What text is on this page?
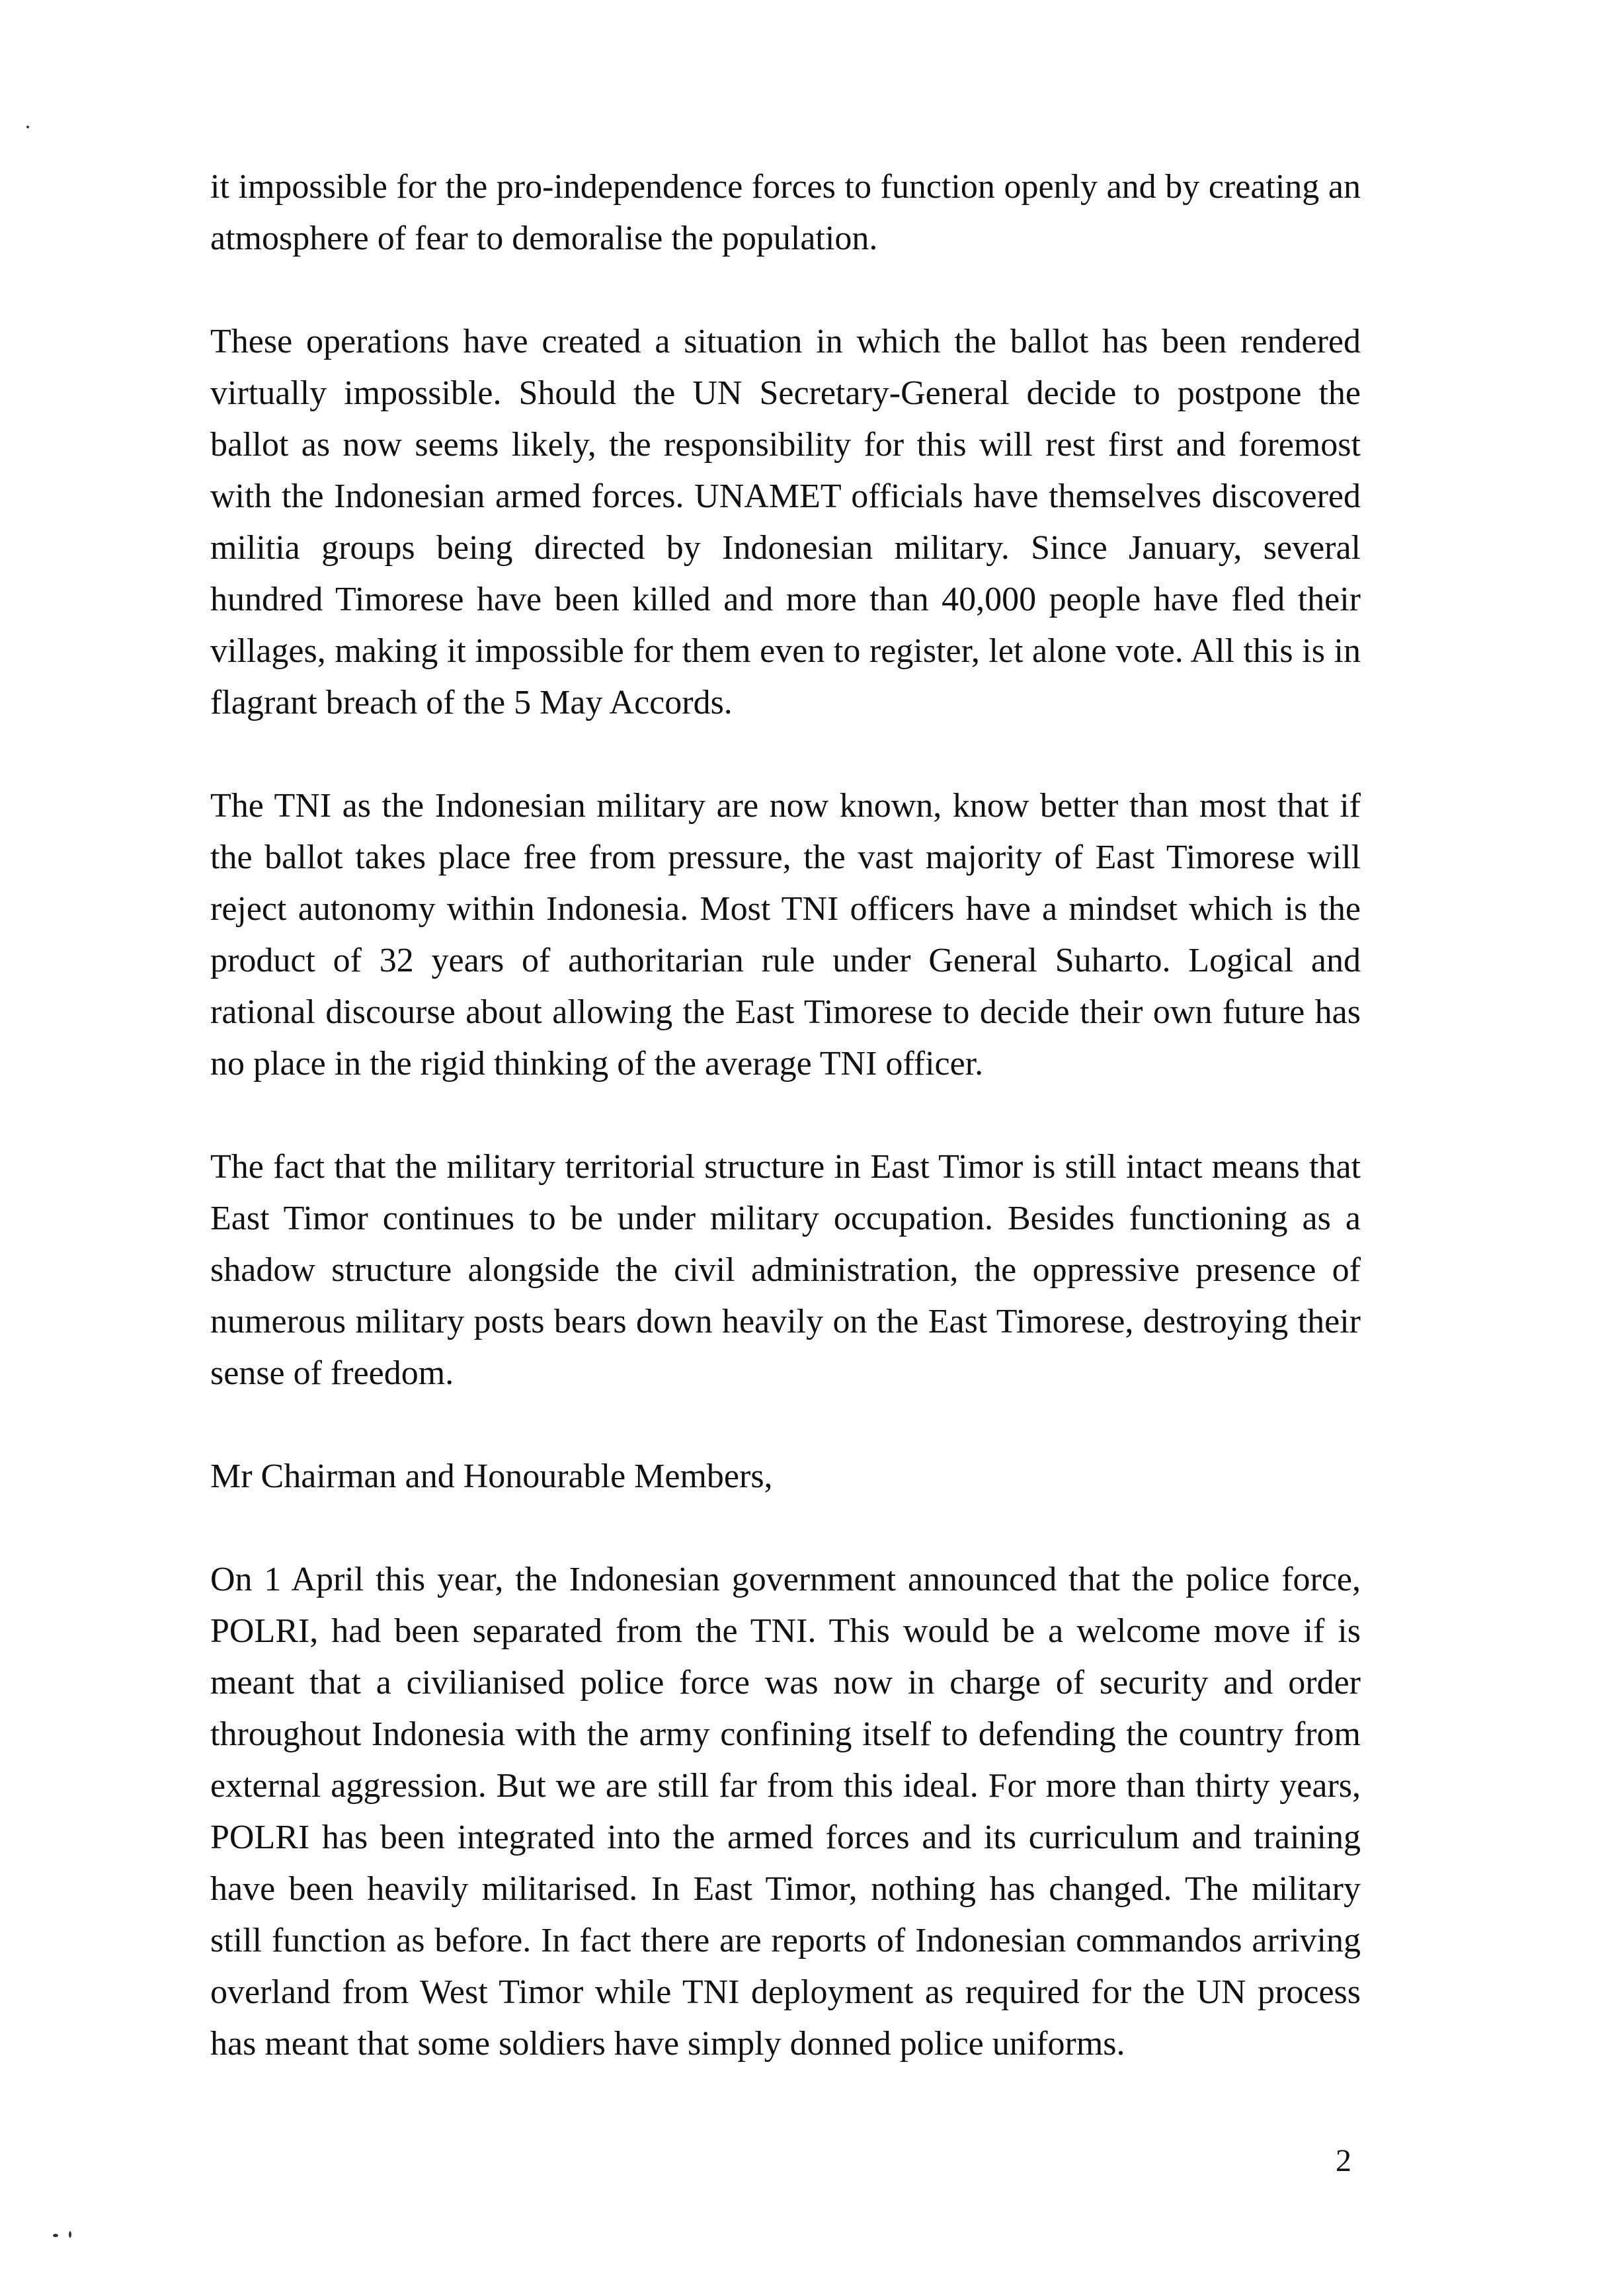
it impossible for the pro-independence forces to function openly and by creating an atmosphere of fear to demoralise the population.

These operations have created a situation in which the ballot has been rendered virtually impossible. Should the UN Secretary-General decide to postpone the ballot as now seems likely, the responsibility for this will rest first and foremost with the Indonesian armed forces. UNAMET officials have themselves discovered militia groups being directed by Indonesian military. Since January, several hundred Timorese have been killed and more than 40,000 people have fled their villages, making it impossible for them even to register, let alone vote. All this is in flagrant breach of the 5 May Accords.

The TNI as the Indonesian military are now known, know better than most that if the ballot takes place free from pressure, the vast majority of East Timorese will reject autonomy within Indonesia. Most TNI officers have a mindset which is the product of 32 years of authoritarian rule under General Suharto. Logical and rational discourse about allowing the East Timorese to decide their own future has no place in the rigid thinking of the average TNI officer.

The fact that the military territorial structure in East Timor is still intact means that East Timor continues to be under military occupation. Besides functioning as a shadow structure alongside the civil administration, the oppressive presence of numerous military posts bears down heavily on the East Timorese, destroying their sense of freedom.

Mr Chairman and Honourable Members,

On 1 April this year, the Indonesian government announced that the police force, POLRI, had been separated from the TNI. This would be a welcome move if is meant that a civilianised police force was now in charge of security and order throughout Indonesia with the army confining itself to defending the country from external aggression. But we are still far from this ideal. For more than thirty years, POLRI has been integrated into the armed forces and its curriculum and training have been heavily militarised. In East Timor, nothing has changed. The military still function as before. In fact there are reports of Indonesian commandos arriving overland from West Timor while TNI deployment as required for the UN process has meant that some soldiers have simply donned police uniforms.

2
